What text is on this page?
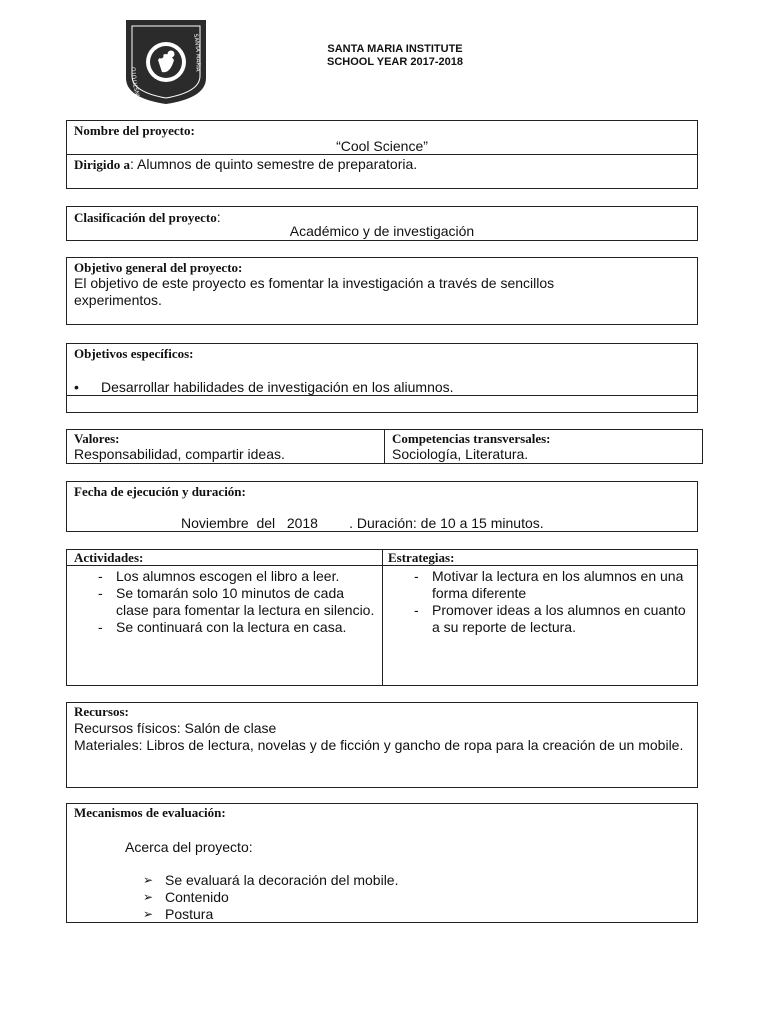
INSTITUTO
SANTA MARIA
SANTA MARIA INSTITUTE
SCHOOL YEAR 2017-2018
Nombre del proyecto:
“Cool Science”
Dirigido a: Alumnos de quinto semestre de preparatoria.
Clasificación del proyecto:
Académico y de investigación
Objetivo general del proyecto:
El objetivo de este proyecto es fomentar la investigación a través de sencillos experimentos.
Objetivos específicos:
• Desarrollar habilidades de investigación en los aliumnos.
Valores:
Responsabilidad, compartir ideas.
Competencias transversales:
Sociología, Literatura.
Fecha de ejecución y duración:
Noviembre  del   2018        . Duración: de 10 a 15 minutos.
Actividades:	Estrategias:
- Los alumnos escogen el libro a leer.
- Se tomarán solo 10 minutos de cada clase para fomentar la lectura en silencio.
- Se continuará con la lectura en casa.
- Motivar la lectura en los alumnos en una forma diferente
- Promover ideas a los alumnos en cuanto a su reporte de lectura.
Recursos:
Recursos físicos: Salón de clase
Materiales: Libros de lectura, novelas y de ficción y gancho de ropa para la creación de un mobile.
Mecanismos de evaluación:
Acerca del proyecto:
➢ Se evaluará la decoración del mobile.
➢ Contenido
➢ Postura
